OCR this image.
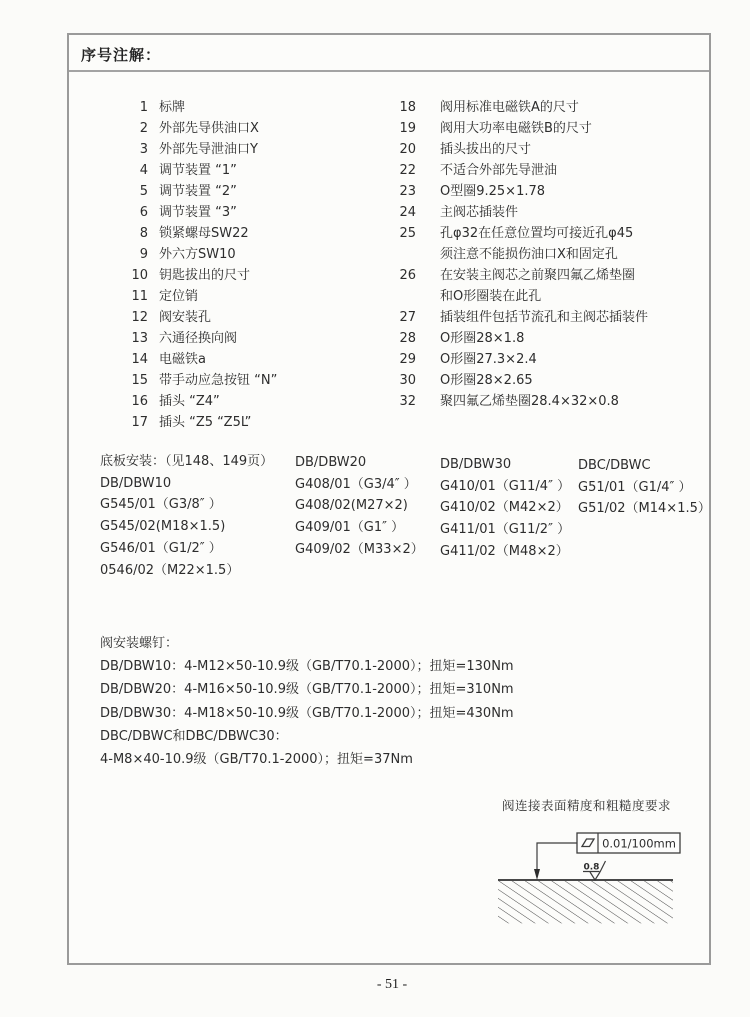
序号注解：
1 标牌
2 外部先导供油口X
3 外部先导泄油口Y
4 调节装置 “1”
5 调节装置 “2”
6 调节装置 “3”
8 锁紧螺母SW22
9 外六方SW10
10 钥匙拔出的尺寸
11 定位销
12 阀安装孔
13 六通径换向阀
14 电磁铁a
15 带手动应急按钮 “N”
16 插头 “Z4”
17 插头 “Z5 “Z5L”
18 阀用标准电磁铁A的尺寸
19 阀用大功率电磁铁B的尺寸
20 插头拔出的尺寸
22 不适合外部先导泄油
23 O型圈9.25×1.78
24 主阀芯插装件
25 孔φ32在任意位置均可接近孔φ45
须注意不能损伤油口X和固定孔
26 在安装主阀芯之前聚四氟乙烯垫圈
和O形圈装在此孔
27 插装组件包括节流孔和主阀芯插装件
28 O形圈28×1.8
29 O形圈27.3×2.4
30 O形圈28×2.65
32 聚四氟乙烯垫圈28.4×32×0.8
底板安装：（见148、149页）
DB/DBW10
G545/01（G3/8″ ）
G545/02(M18×1.5)
G546/01（G1/2″ ）
0546/02（M22×1.5）
DB/DBW20
G408/01（G3/4″ ）
G408/02(M27×2)
G409/01（G1″ ）
G409/02（M33×2）
DB/DBW30
G410/01（G11/4″ ）
G410/02（M42×2）
G411/01（G11/2″ ）
G411/02（M48×2）
DBC/DBWC
G51/01（G1/4″ ）
G51/02（M14×1.5）
阀安装螺钉：
DB/DBW10：4-M12×50-10.9级（GB/T70.1-2000）；扭矩=130Nm
DB/DBW20：4-M16×50-10.9级（GB/T70.1-2000）；扭矩=310Nm
DB/DBW30：4-M18×50-10.9级（GB/T70.1-2000）；扭矩=430Nm
DBC/DBWC和DBC/DBWC30：
4-M8×40-10.9级（GB/T70.1-2000）；扭矩=37Nm
阀连接表面精度和粗糙度要求
0.01/100mm
0.8
- 51 -
